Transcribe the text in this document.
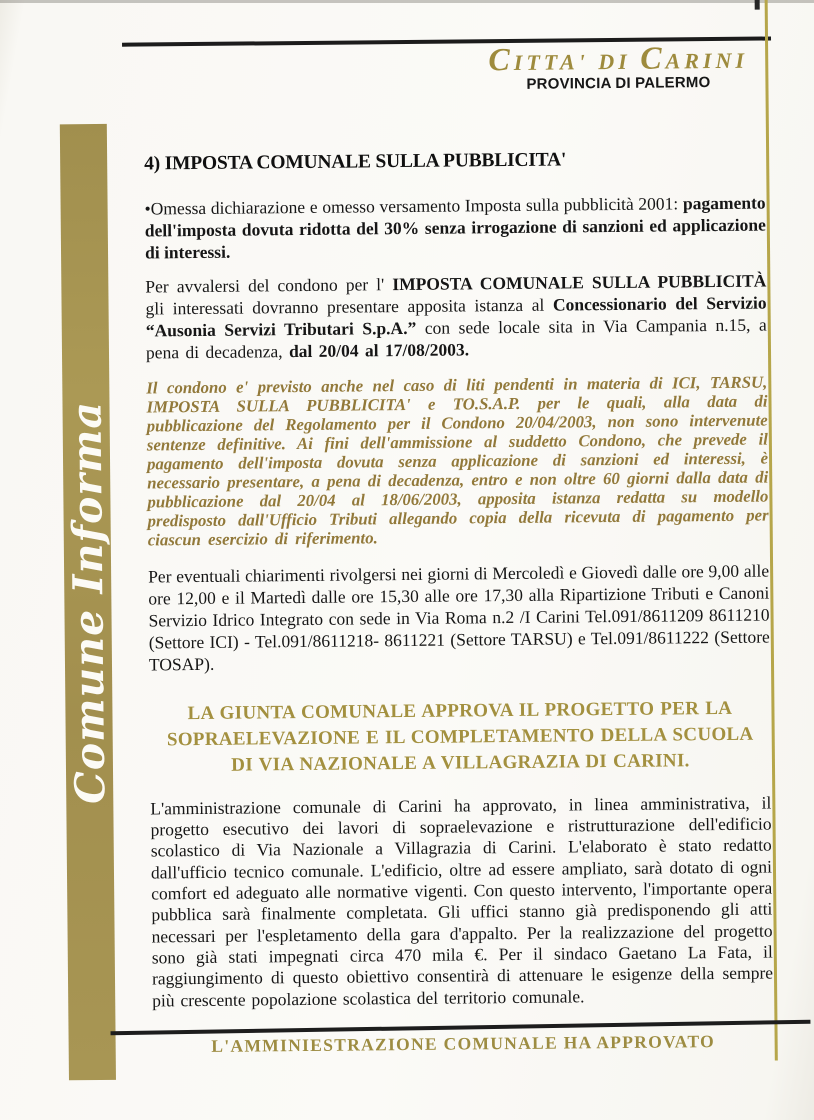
CITTA' DI CARINI
PROVINCIA DI PALERMO
Comune Informa
4) IMPOSTA COMUNALE SULLA PUBBLICITA'

•Omessa dichiarazione e omesso versamento Imposta sulla pubblicità 2001: pagamento dell'imposta dovuta ridotta del 30% senza irrogazione di sanzioni ed applicazione di interessi.

Per avvalersi del condono per l' IMPOSTA COMUNALE SULLA PUBBLICITÀ gli interessati dovranno presentare apposita istanza al Concessionario del Servizio “Ausonia Servizi Tributari S.p.A.” con sede locale sita in Via Campania n.15, a pena di decadenza, dal 20/04 al 17/08/2003.

Il condono e' previsto anche nel caso di liti pendenti in materia di ICI, TARSU, IMPOSTA SULLA PUBBLICITA' e TO.S.A.P. per le quali, alla data di pubblicazione del Regolamento per il Condono 20/04/2003, non sono intervenute sentenze definitive. Ai fini dell'ammissione al suddetto Condono, che prevede il pagamento dell'imposta dovuta senza applicazione di sanzioni ed interessi, è necessario presentare, a pena di decadenza, entro e non oltre 60 giorni dalla data di pubblicazione dal 20/04 al 18/06/2003, apposita istanza redatta su modello predisposto dall'Ufficio Tributi allegando copia della ricevuta di pagamento per ciascun esercizio di riferimento.

Per eventuali chiarimenti rivolgersi nei giorni di Mercoledì e Giovedì dalle ore 9,00 alle ore 12,00 e il Martedì dalle ore 15,30 alle ore 17,30 alla Ripartizione Tributi e Canoni Servizio Idrico Integrato con sede in Via Roma n.2 /I Carini Tel.091/8611209 8611210 (Settore ICI) - Tel.091/8611218- 8611221 (Settore TARSU) e Tel.091/8611222 (Settore TOSAP).

LA GIUNTA COMUNALE APPROVA IL PROGETTO PER LA SOPRAELEVAZIONE E IL COMPLETAMENTO DELLA SCUOLA DI VIA NAZIONALE A VILLAGRAZIA DI CARINI.

L'amministrazione comunale di Carini ha approvato, in linea amministrativa, il progetto esecutivo dei lavori di sopraelevazione e ristrutturazione dell'edificio scolastico di Via Nazionale a Villagrazia di Carini. L'elaborato è stato redatto dall'ufficio tecnico comunale. L'edificio, oltre ad essere ampliato, sarà dotato di ogni comfort ed adeguato alle normative vigenti. Con questo intervento, l'importante opera pubblica sarà finalmente completata. Gli uffici stanno già predisponendo gli atti necessari per l'espletamento della gara d'appalto. Per la realizzazione del progetto sono già stati impegnati circa 470 mila €. Per il sindaco Gaetano La Fata, il raggiungimento di questo obiettivo consentirà di attenuare le esigenze della sempre più crescente popolazione scolastica del territorio comunale.

L'AMMINIESTRAZIONE COMUNALE HA APPROVATO
